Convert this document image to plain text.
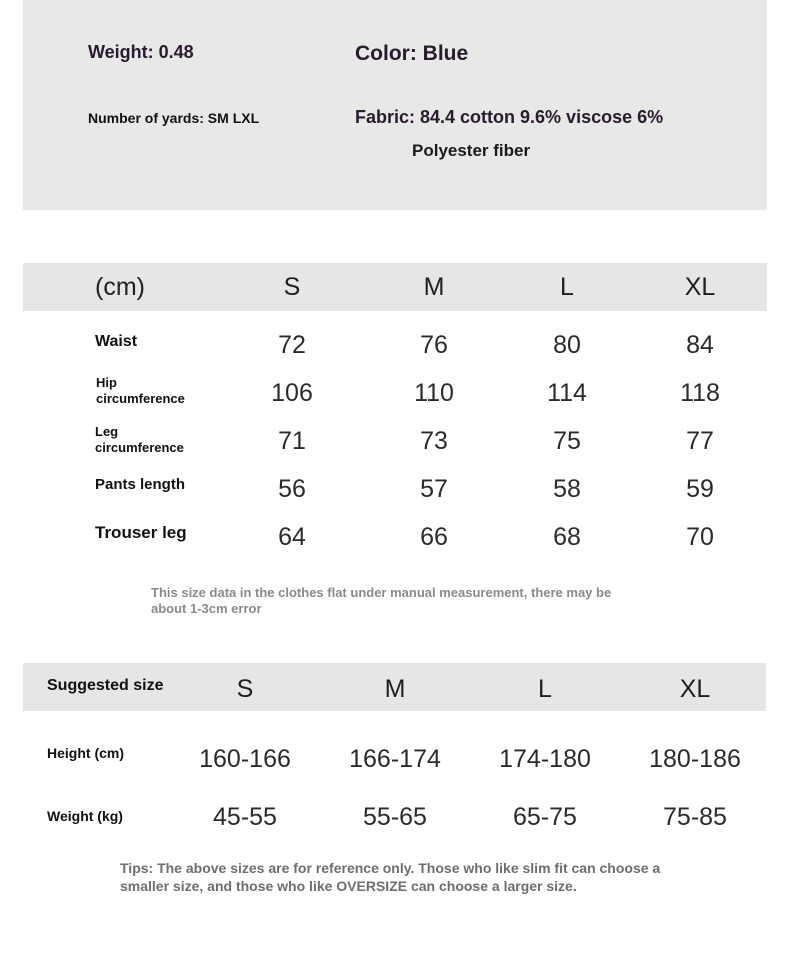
Weight: 0.48	Color: Blue
Number of yards: SM LXL	Fabric: 84.4 cotton 9.6% viscose 6%
Polyester fiber
(cm)	S	M	L	XL
Waist	72	76	80	84
Hip
circumference	106	110	114	118
Leg
circumference	71	73	75	77
Pants length	56	57	58	59
Trouser leg	64	66	68	70
This size data in the clothes flat under manual measurement, there may be
about 1-3cm error
Suggested size	S	M	L	XL
Height (cm)	160-166	166-174	174-180	180-186
Weight (kg)	45-55	55-65	65-75	75-85
Tips: The above sizes are for reference only. Those who like slim fit can choose a
smaller size, and those who like OVERSIZE can choose a larger size.
